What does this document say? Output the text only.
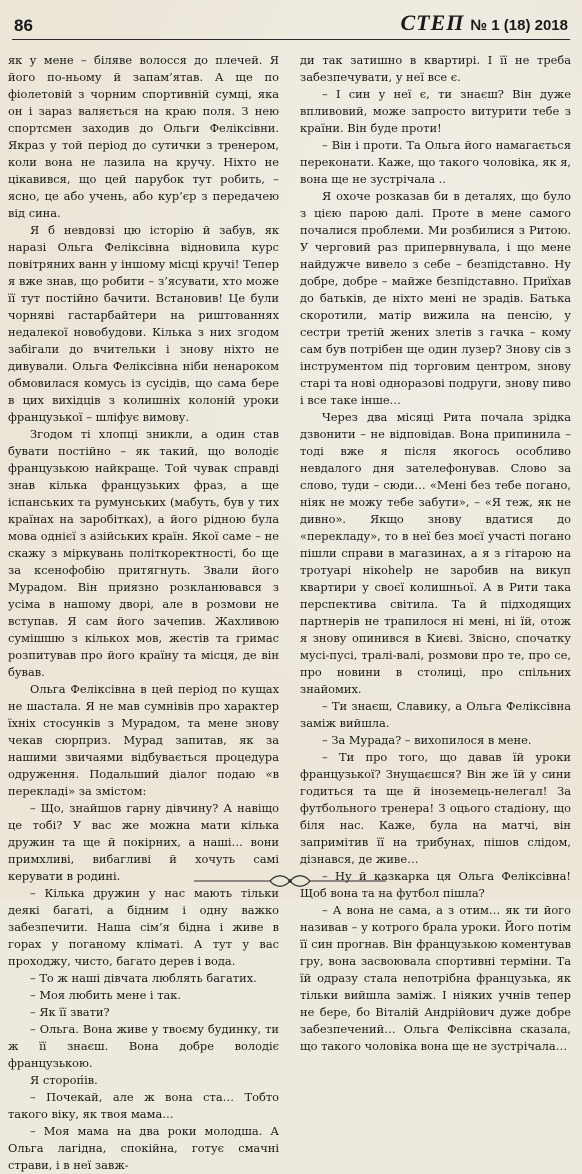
86	СТЕП № 1 (18) 2018

як у мене – біляве волосся до плечей. Я його по-ньому й запам’ятав. А ще по фіолетовій з чорним спортивній сумці, яка он і зараз валяється на краю поля. З нею спортсмен заходив до Ольги Феліксівни. Якраз у той період до сутички з тренером, коли вона не лазила на кручу. Ніхто не цікавився, що цей парубок тут робить, – ясно, це або учень, або кур’єр з передачею від сина.

Я б невдовзі цю історію й забув, як наразі Ольга Феліксівна відновила курс повітряних ванн у іншому місці кручі! Тепер я вже знав, що робити – з’ясувати, хто може її тут постійно бачити. Встановив! Це були чорняві гастарбайтери на риштованнях недалекої новобудови. Кілька з них згодом забігали до вчительки і знову ніхто не дивували. Ольга Феліксівна ніби ненароком обмовилася комусь із сусідів, що сама бере в цих вихідців з колишніх колоній уроки французької – шліфує вимову.

Згодом ті хлопці зникли, а один став бувати постійно – як такий, що володіє французькою найкраще. Той чувак справді знав кілька французьких фраз, а ще іспанських та румунських (мабуть, був у тих країнах на заробітках), а його рідною була мова однієї з азійських країн. Якої саме – не скажу з міркувань політкоректності, бо ще за ксенофобію притягнуть. Звали його Мурадом. Він приязно розкланювався з усіма в нашому дворі, але в розмови не вступав. Я сам його зачепив. Жахливою сумішшю з кількох мов, жестів та гримас розпитував про його країну та місця, де він бував.

Ольга Феліксівна в цей період по кущах не шастала. Я не мав сумнівів про характер їхніх стосунків з Мурадом, та мене знову чекав сюрприз. Мурад запитав, як за нашими звичаями відбувається процедура одруження. Подальший діалог подаю «в перекладі» за змістом:

– Що, знайшов гарну дівчину? А навіщо це тобі? У вас же можна мати кілька дружин та ще й покірних, а наші… вони примхливі, вибагливі й хочуть самі керувати в родині.

– Кілька дружин у нас мають тільки деякі багаті, а бідним і одну важко забезпечити. Наша сім’я бідна і живе в горах у поганому кліматі. А тут у вас проходжу, чисто, багато дерев і вода.

– То ж наші дівчата люблять багатих.

– Моя любить мене і так.

– Як її звати?

– Ольга. Вона живе у твоєму будинку, ти ж її знаєш. Вона добре володіє французькою.

Я стороп́ів.

– Почекай, але ж вона ста… Тобто такого віку, як твоя мама…

– Моя мама на два роки молодша. А Ольга лагідна, спокійна, готує смачні страви, і в неї завж-

ди так затишно в квартирі. І її не треба забезпечувати, у неї все є.

– І син у неї є, ти знаєш? Він дуже впливовий, може запросто витурити тебе з країни. Він буде проти!

– Він і проти. Та Ольга його намагається переконати. Каже, що такого чоловіка, як я, вона ще не зустрічала ..

Я охоче розказав би в деталях, що було з цією парою далі. Проте в мене самого почалися проблеми. Ми розбилися з Ритою. У черговий раз припервнувала, і що мене найдужче вивело з себе – безпідставно. Ну добре, добре – майже безпідставно. Приїхав до батьків, де ніхто мені не зрадів. Батька скоротили, матір вижила на пенсію, у сестри третій жених злетів з гачка – кому сам був потрібен ще один лузер? Знову сів з інструментом під торговим центром, знову старі та нові одноразові подруги, знову пиво і все таке інше…

Через два місяці Рита почала зрідка дзвонити – не відповідав. Вона припинила – тоді вже я після якогось особливо невдалого дня зателефонував. Слово за слово, туди – сюди… «Мені без тебе погано, ніяк не можу тебе забути», – «Я теж, як не дивно». Якщо знову вдатися до «перекладу», то в неї без моєї участі погано пішли справи в магазинах, а я з гітарою на тротуарі нікоhelp не заробив на викуп квартири у своєї колишньої. А в Рити така перспектива світила. Та й підходящих партнерів не трапилося ні мені, ні їй, отож я знову опинився в Києві. Звісно, спочатку мусі-пусі, тралі-валі, розмови про те, про се, про новини в столиці, про спільних знайомих.

– Ти знаєш, Славику, а Ольга Феліксівна заміж вийшла.

– За Мурада? – вихопилося в мене.

– Ти про того, що давав їй уроки французької? Знущаєшся? Він же їй у сини годиться та ще й іноземець-нелегал! За футбольного тренера! З оцього стадіону, що біля нас. Каже, була на матчі, він запримітив її на трибунах, пішов слідом, дізнався, де живе…

– Ну й казкарка ця Ольга Феліксівна! Щоб вона та на футбол пішла?

– А вона не сама, а з отим… як ти його називав – у котрого брала уроки. Його потім її син прогнав. Він французькою коментував гру, вона засвоювала спортивні терміни. Та їй одразу стала непотрібна французька, як тільки вийшла заміж. І ніяких учнів тепер не бере, бо Віталій Андрійович дуже добре забезпечений… Ольга Феліксівна сказала, що такого чоловіка вона ще не зустрічала…
